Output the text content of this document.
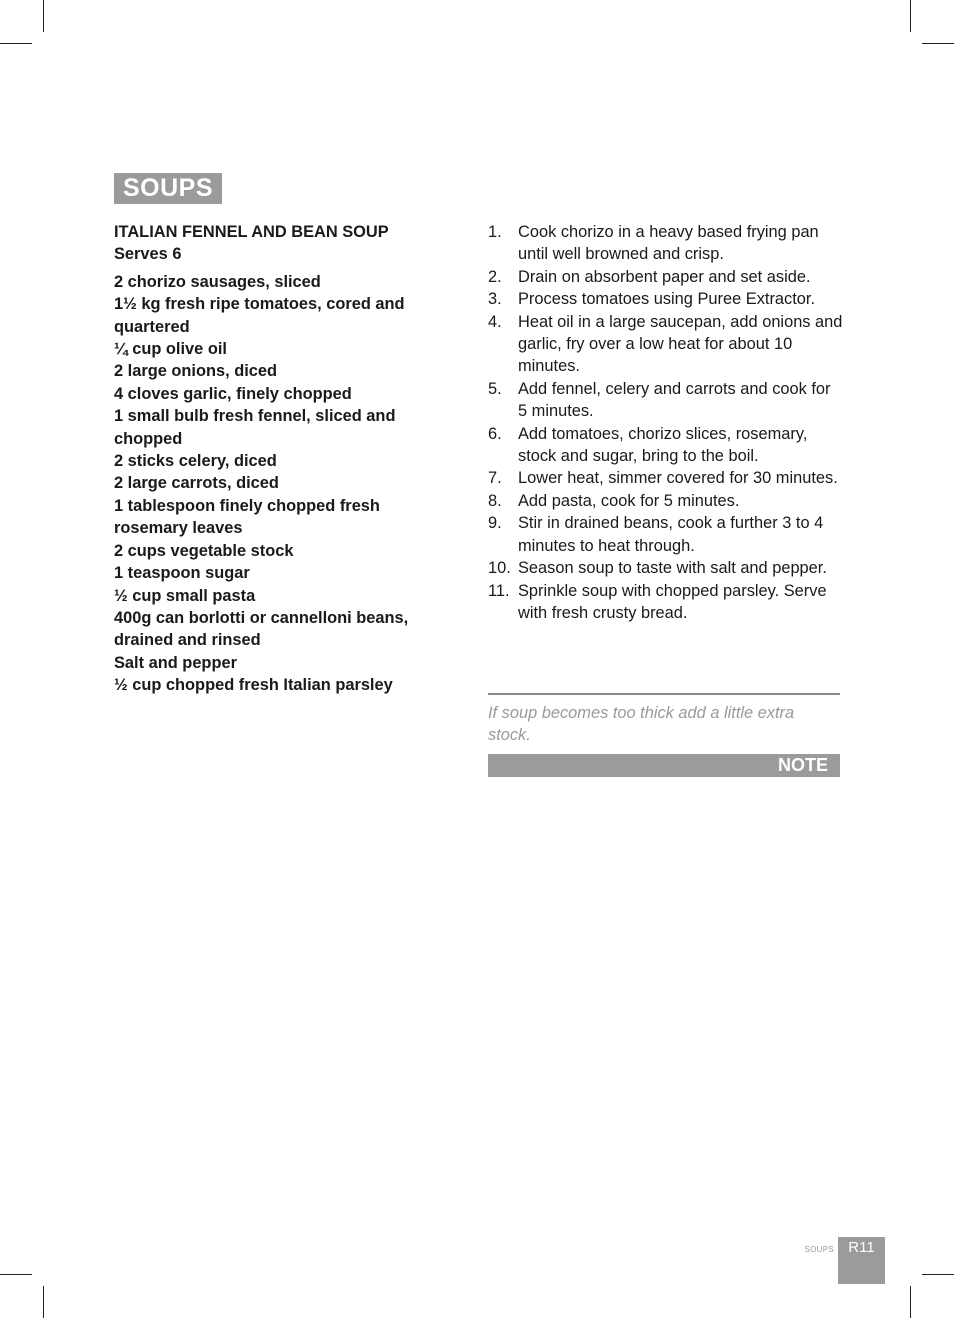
SOUPS

ITALIAN FENNEL AND BEAN SOUP

Serves 6

2 chorizo sausages, sliced
1½ kg fresh ripe tomatoes, cored and quartered
¼ cup olive oil
2 large onions, diced
4 cloves garlic, finely chopped
1 small bulb fresh fennel, sliced and chopped
2 sticks celery, diced
2 large carrots, diced
1 tablespoon finely chopped fresh rosemary leaves
2 cups vegetable stock
1 teaspoon sugar
½ cup small pasta
400g can borlotti or cannelloni beans, drained and rinsed
Salt and pepper
½ cup chopped fresh Italian parsley
1. Cook chorizo in a heavy based frying pan until well browned and crisp.
2. Drain on absorbent paper and set aside.
3. Process tomatoes using Puree Extractor.
4. Heat oil in a large saucepan, add onions and garlic, fry over a low heat for about 10 minutes.
5. Add fennel, celery and carrots and cook for 5 minutes.
6. Add tomatoes, chorizo slices, rosemary, stock and sugar, bring to the boil.
7. Lower heat, simmer covered for 30 minutes.
8. Add pasta, cook for 5 minutes.
9. Stir in drained beans, cook a further 3 to 4 minutes to heat through.
10. Season soup to taste with salt and pepper.
11. Sprinkle soup with chopped parsley. Serve with fresh crusty bread.
If soup becomes too thick add a little extra stock.
NOTE
SOUPS R11
